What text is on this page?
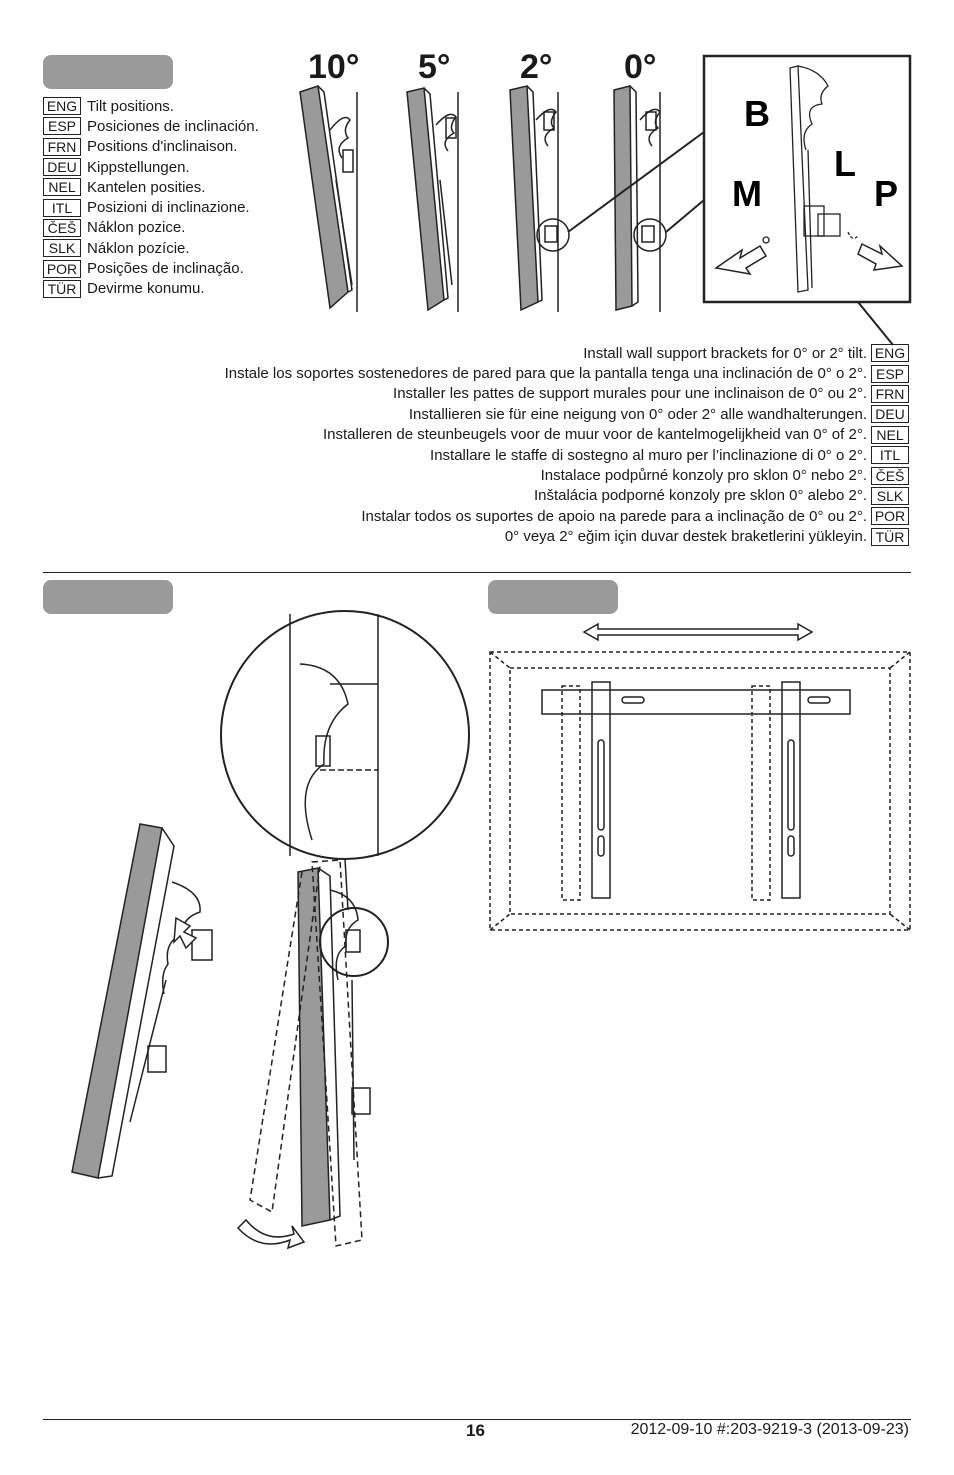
ENG Tilt positions.
ESP Posiciones de inclinación.
FRN Positions d'inclinaison.
DEU Kippstellungen.
NEL Kantelen posities.
ITL Posizioni di inclinazione.
ČEŠ Náklon pozice.
SLK Náklon pozície.
POR Posições de inclinação.
TÜR Devirme konumu.
10° 5° 2° 0°
B
L
M	P
Install wall support brackets for 0° or 2° tilt. ENG
Instale los soportes sostenedores de pared para que la pantalla tenga una inclinación de 0° o 2°. ESP
Installer les pattes de support murales pour une inclinaison de 0° ou 2°. FRN
Installieren sie für eine neigung von 0° oder 2° alle wandhalterungen. DEU
Installeren de steunbeugels voor de muur voor de kantelmogelijkheid van 0° of 2°. NEL
Installare le staffe di sostegno al muro per l’inclinazione di 0° o 2°. ITL
Instalace podpůrné konzoly pro sklon 0° nebo 2°. ČEŠ
Inštalácia podporné konzoly pre sklon 0° alebo 2°. SLK
Instalar todos os suportes de apoio na parede para a inclinação de 0° ou 2°. POR
0° veya 2° eğim için duvar destek braketlerini yükleyin. TÜR
16	2012-09-10 #:203-9219-3 (2013-09-23)
